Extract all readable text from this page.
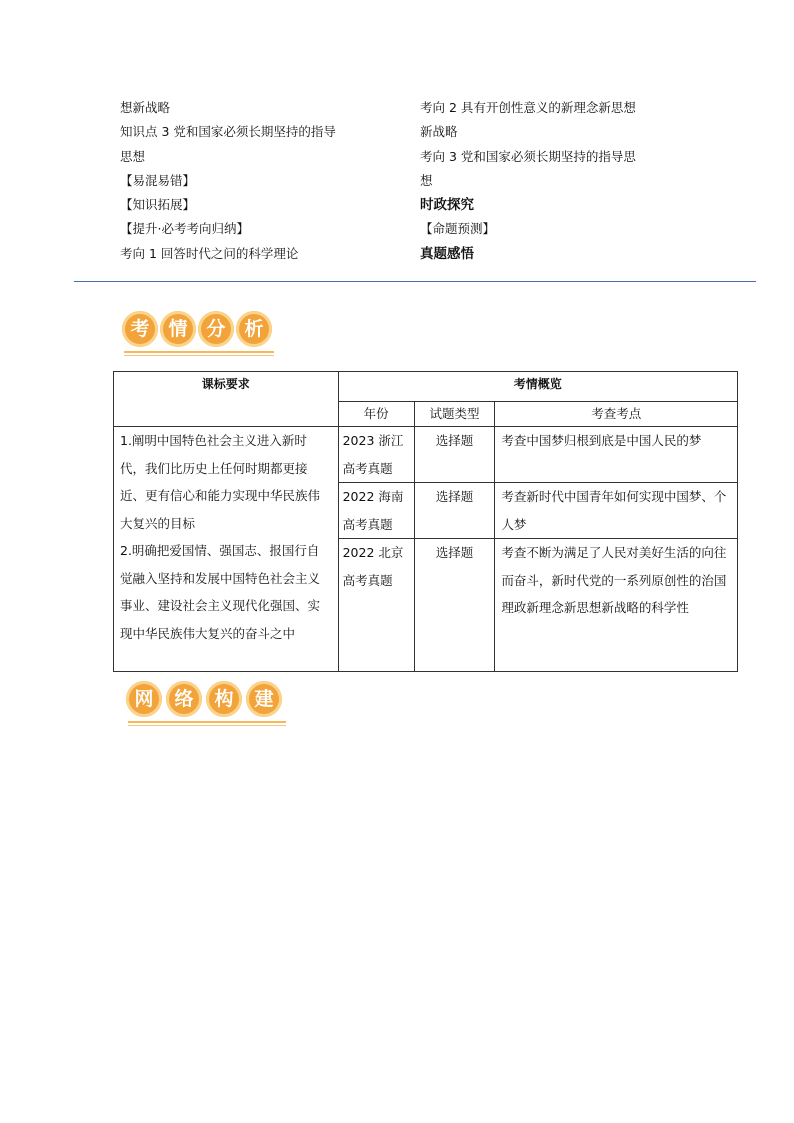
想新战略
知识点 3 党和国家必须长期坚持的指导
思想
【易混易错】
【知识拓展】
【提升·必考考向归纳】
考向 1 回答时代之问的科学理论
考向 2 具有开创性意义的新理念新思想
新战略
考向 3 党和国家必须长期坚持的指导思
想
时政探究
【命题预测】
真题感悟
考 情 分 析
课标要求	考情概览		
	年份	试题类型	考查考点
1.阐明中国特色社会主义进入新时代，我们比历史上任何时期都更接近、更有信心和能力实现中华民族伟大复兴的目标
2.明确把爱国情、强国志、报国行自觉融入坚持和发展中国特色社会主义事业、建设社会主义现代化强国、实现中华民族伟大复兴的奋斗之中	2023 浙江高考真题	选择题	考查中国梦归根到底是中国人民的梦
	2022 海南高考真题	选择题	考查新时代中国青年如何实现中国梦、个人梦
	2022 北京高考真题	选择题	考查不断为满足了人民对美好生活的向往而奋斗，新时代党的一系列原创性的治国理政新理念新思想新战略的科学性
网	络	构	建
